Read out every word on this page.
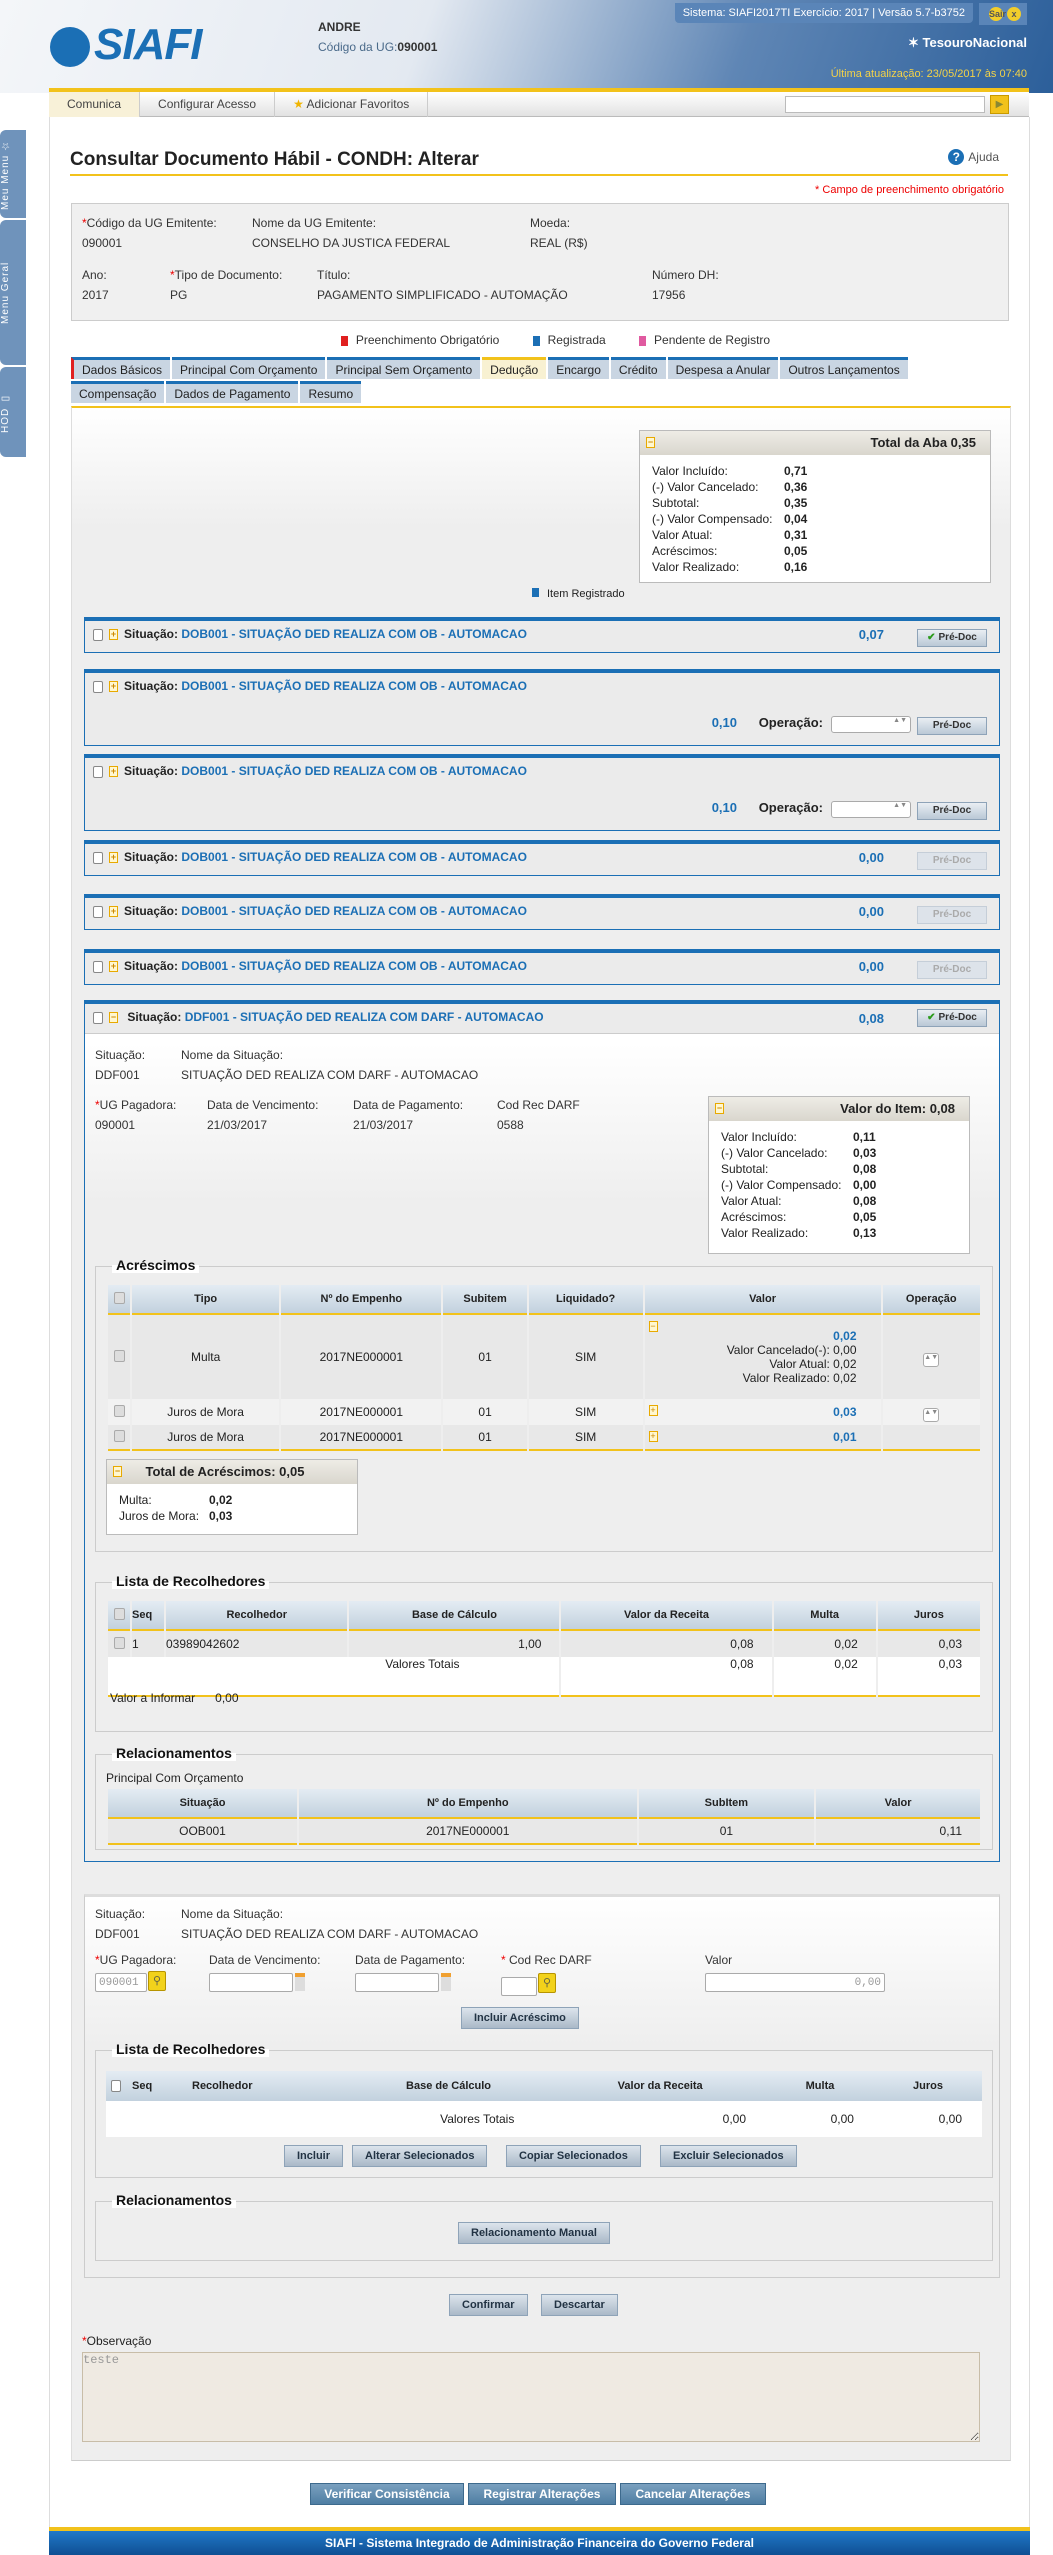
SIAFI	ANDRE
Código da UG:090001
Sistema: SIAFI2017TI Exercício: 2017 | Versão 5.7-b3752	Sair x
✶ TesouroNacional
Última atualização: 23/05/2017 às 07:40
Meu Menu ☆
Menu Geral
HOD ▭
Comunica	Configurar Acesso	★ Adicionar Favoritos	▶
Consultar Documento Hábil - CONDH: Alterar	? Ajuda
* Campo de preenchimento obrigatório
*Código da UG Emitente:
090001
Nome da UG Emitente:
CONSELHO DA JUSTICA FEDERAL
Moeda:
REAL (R$)
Ano:
2017
*Tipo de Documento:
PG
Título:
PAGAMENTO SIMPLIFICADO - AUTOMAÇÃO
Número DH:
17956
Preenchimento Obrigatório	Registrada	Pendente de Registro
Dados Básicos	Principal Com Orçamento	Principal Sem Orçamento	Dedução	Encargo	Crédito	Despesa a Anular	Outros Lançamentos
Compensação	Dados de Pagamento	Resumo
−	Total da Aba 0,35
Valor Incluído:	0,71
(-) Valor Cancelado: 0,36
Subtotal:	0,35
(-) Valor Compensado: 0,04
Valor Atual:	0,31
Acréscimos:	0,05
Valor Realizado:	0,16
Item Registrado
+ Situação: DOB001 - SITUAÇÃO DED REALIZA COM OB - AUTOMACAO	0,07	✔ Pré-Doc
+ Situação: DOB001 - SITUAÇÃO DED REALIZA COM OB - AUTOMACAO
Operação:	▲▼
0,10	Pré-Doc
+ Situação: DOB001 - SITUAÇÃO DED REALIZA COM OB - AUTOMACAO
Operação:	▲▼
0,10	Pré-Doc
+ Situação: DOB001 - SITUAÇÃO DED REALIZA COM OB - AUTOMACAO	0,00	Pré-Doc
+ Situação: DOB001 - SITUAÇÃO DED REALIZA COM OB - AUTOMACAO	0,00	Pré-Doc
+ Situação: DOB001 - SITUAÇÃO DED REALIZA COM OB - AUTOMACAO	0,00	Pré-Doc
− Situação: DDF001 - SITUAÇÃO DED REALIZA COM DARF - AUTOMACAO	0,08	✔ Pré-Doc
Situação:
DDF001
Nome da Situação:
SITUAÇÃO DED REALIZA COM DARF - AUTOMACAO
*UG Pagadora:
090001
Data de Vencimento:
21/03/2017
Data de Pagamento:
21/03/2017
Cod Rec DARF
0588
−	Valor do Item: 0,08
Valor Incluído:	0,11
(-) Valor Cancelado: 0,03
Subtotal:	0,08
(-) Valor Compensado: 0,00
Valor Atual:	0,08
Acréscimos:	0,05
Valor Realizado:	0,13
Acréscimos
	Tipo	Nº do Empenho	Subitem	Liquidado?	Valor	Operação
	Multa	2017NE000001	01	SIM	−
0,02
Valor Cancelado(-): 0,00
Valor Atual: 0,02
Valor Realizado: 0,02	▲▼
	Juros de Mora	2017NE000001	01	SIM	+ 0,03	▲▼
	Juros de Mora	2017NE000001	01	SIM	+ 0,01	

− Total de Acréscimos: 0,05
Multa:	0,02
Juros de Mora: 0,03
Lista de Recolhedores
	Seq	Recolhedor	Base de Cálculo	Valor da Receita	Multa	Juros
	1	03989042602	1,00	0,08	0,02	0,03
Valores Totais				0,08	0,02	0,03
Valor a Informar 0,00
Relacionamentos
Principal Com Orçamento
Situação	Nº do Empenho	SubItem	Valor
OOB001	2017NE000001	01	0,11
Situação:
DDF001
Nome da Situação:
SITUAÇÃO DED REALIZA COM DARF - AUTOMACAO
*UG Pagadora:
090001
⚲
Data de Vencimento:	Data de Pagamento:	* Cod Rec DARF
⚲
Valor
0,00
Incluir Acréscimo
Lista de Recolhedores
	Seq	Recolhedor	Base de Cálculo	Valor da Receita	Multa	Juros
Valores Totais				0,00	0,00	0,00
Incluir	Alterar Selecionados	Copiar Selecionados	Excluir Selecionados
Relacionamentos
Relacionamento Manual
Confirmar	Descartar
*Observação
teste
Verificar Consistência	Registrar Alterações	Cancelar Alterações
SIAFI - Sistema Integrado de Administração Financeira do Governo Federal
